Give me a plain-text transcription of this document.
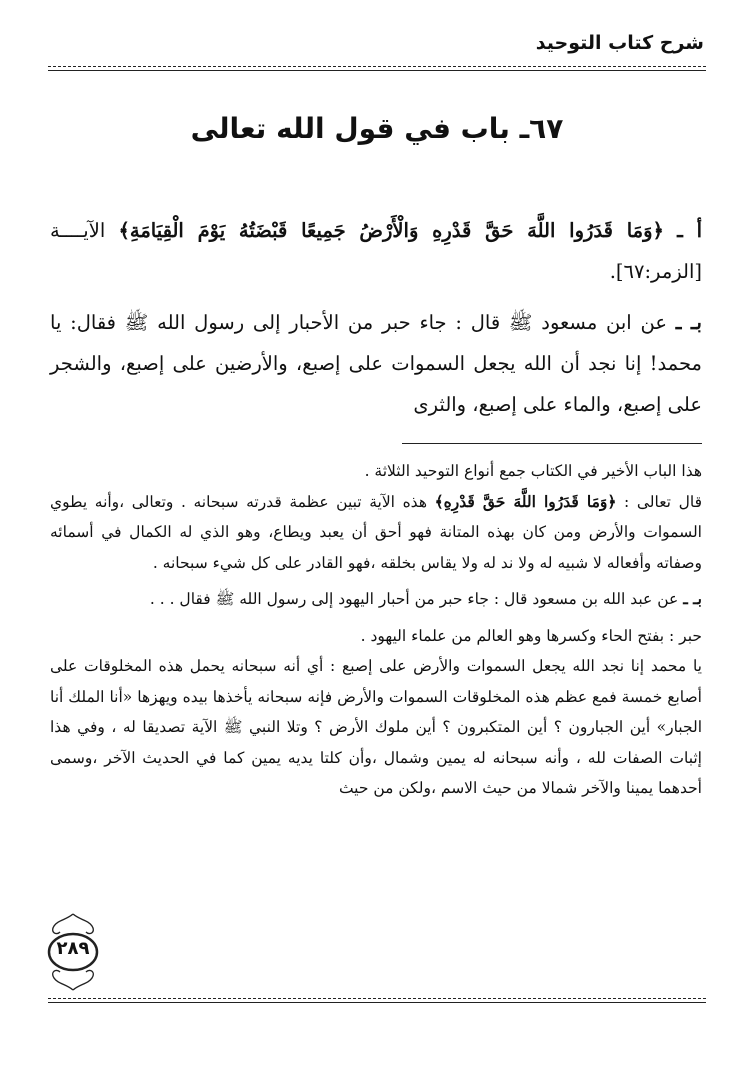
شرح كتاب التوحيد
٦٧ـ باب في قول الله تعالى

أ ـ ﴿وَمَا قَدَرُوا اللَّهَ حَقَّ قَدْرِهِ وَالْأَرْضُ جَمِيعًا قَبْضَتُهُ يَوْمَ الْقِيَامَةِ﴾ الآيــــة [الزمر:٦٧].

بـ ـ عن ابن مسعود ﷺ قال : جاء حبر من الأحبار إلى رسول الله ﷺ فقال: يا محمد! إنا نجد أن الله يجعل السموات على إصبع، والأرضين على إصبع، والشجر على إصبع، والماء على إصبع، والثرى

هذا الباب الأخير في الكتاب جمع أنواع التوحيد الثلاثة .

قال تعالى : ﴿وَمَا قَدَرُوا اللَّهَ حَقَّ قَدْرِهِ﴾ هذه الآية تبين عظمة قدرته سبحانه . وتعالى ،وأنه يطوي السموات والأرض ومن كان بهذه المتانة فهو أحق أن يعبد ويطاع، وهو الذي له الكمال في أسمائه وصفاته وأفعاله لا شبيه له ولا ند له ولا يقاس بخلقه ،فهو القادر على كل شيء سبحانه .

بـ ـ عن عبد الله بن مسعود قال : جاء حبر من أحبار اليهود إلى رسول الله ﷺ فقال . . .

حبر : بفتح الحاء وكسرها وهو العالم من علماء اليهود .

يا محمد إنا نجد الله يجعل السموات والأرض على إصبع : أي أنه سبحانه يحمل هذه المخلوقات على أصابع خمسة فمع عظم هذه المخلوقات السموات والأرض فإنه سبحانه يأخذها بيده ويهزها «أنا الملك أنا الجبار» أين الجبارون ؟ أين المتكبرون ؟ أين ملوك الأرض ؟ وتلا النبي ﷺ الآية تصديقا له ، وفي هذا إثبات الصفات لله ، وأنه سبحانه له يمين وشمال ،وأن كلتا يديه يمين كما في الحديث الآخر ،وسمى أحدهما يمينا والآخر شمالا من حيث الاسم ،ولكن من حيث

٢٨٩
